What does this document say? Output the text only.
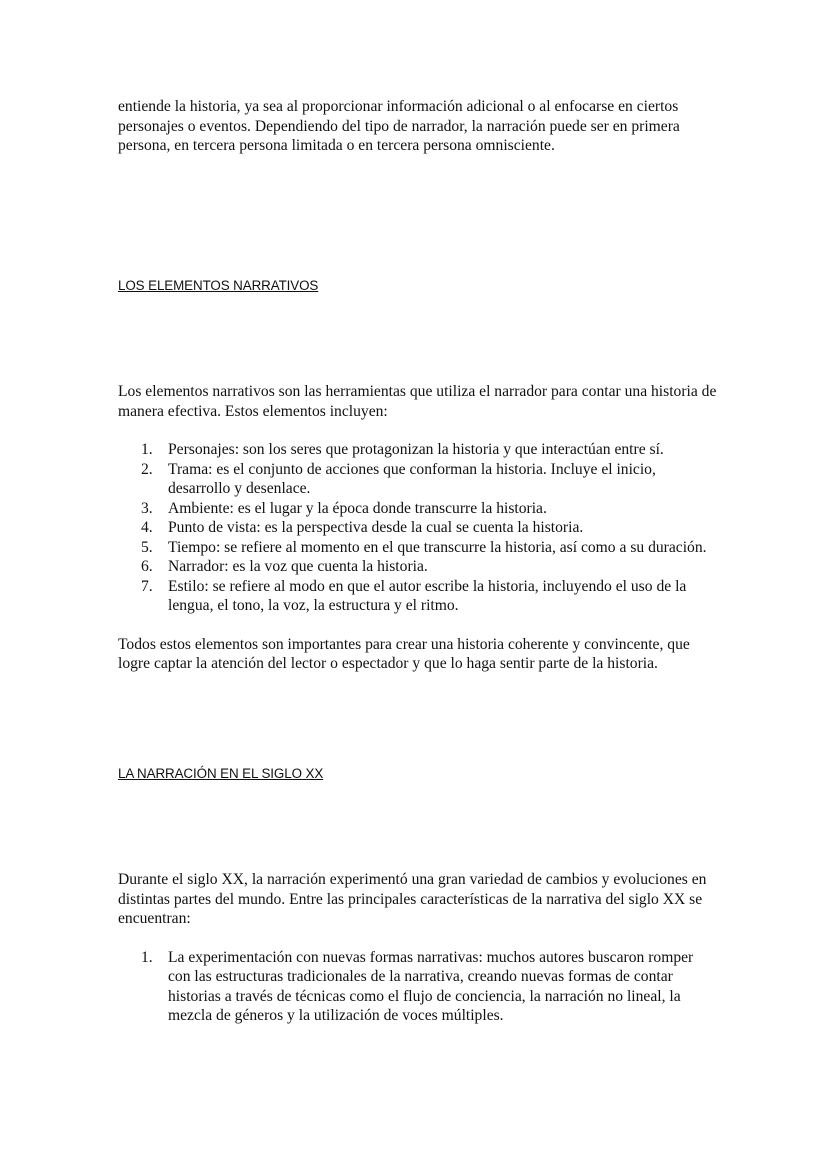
entiende la historia, ya sea al proporcionar información adicional o al enfocarse en ciertos personajes o eventos. Dependiendo del tipo de narrador, la narración puede ser en primera persona, en tercera persona limitada o en tercera persona omnisciente.

LOS ELEMENTOS NARRATIVOS

Los elementos narrativos son las herramientas que utiliza el narrador para contar una historia de manera efectiva. Estos elementos incluyen:

1. Personajes: son los seres que protagonizan la historia y que interactúan entre sí.
2. Trama: es el conjunto de acciones que conforman la historia. Incluye el inicio, desarrollo y desenlace.
3. Ambiente: es el lugar y la época donde transcurre la historia.
4. Punto de vista: es la perspectiva desde la cual se cuenta la historia.
5. Tiempo: se refiere al momento en el que transcurre la historia, así como a su duración.
6. Narrador: es la voz que cuenta la historia.
7. Estilo: se refiere al modo en que el autor escribe la historia, incluyendo el uso de la lengua, el tono, la voz, la estructura y el ritmo.

Todos estos elementos son importantes para crear una historia coherente y convincente, que logre captar la atención del lector o espectador y que lo haga sentir parte de la historia.

LA NARRACIÓN EN EL SIGLO XX

Durante el siglo XX, la narración experimentó una gran variedad de cambios y evoluciones en distintas partes del mundo. Entre las principales características de la narrativa del siglo XX se encuentran:

1. La experimentación con nuevas formas narrativas: muchos autores buscaron romper con las estructuras tradicionales de la narrativa, creando nuevas formas de contar historias a través de técnicas como el flujo de conciencia, la narración no lineal, la mezcla de géneros y la utilización de voces múltiples.
